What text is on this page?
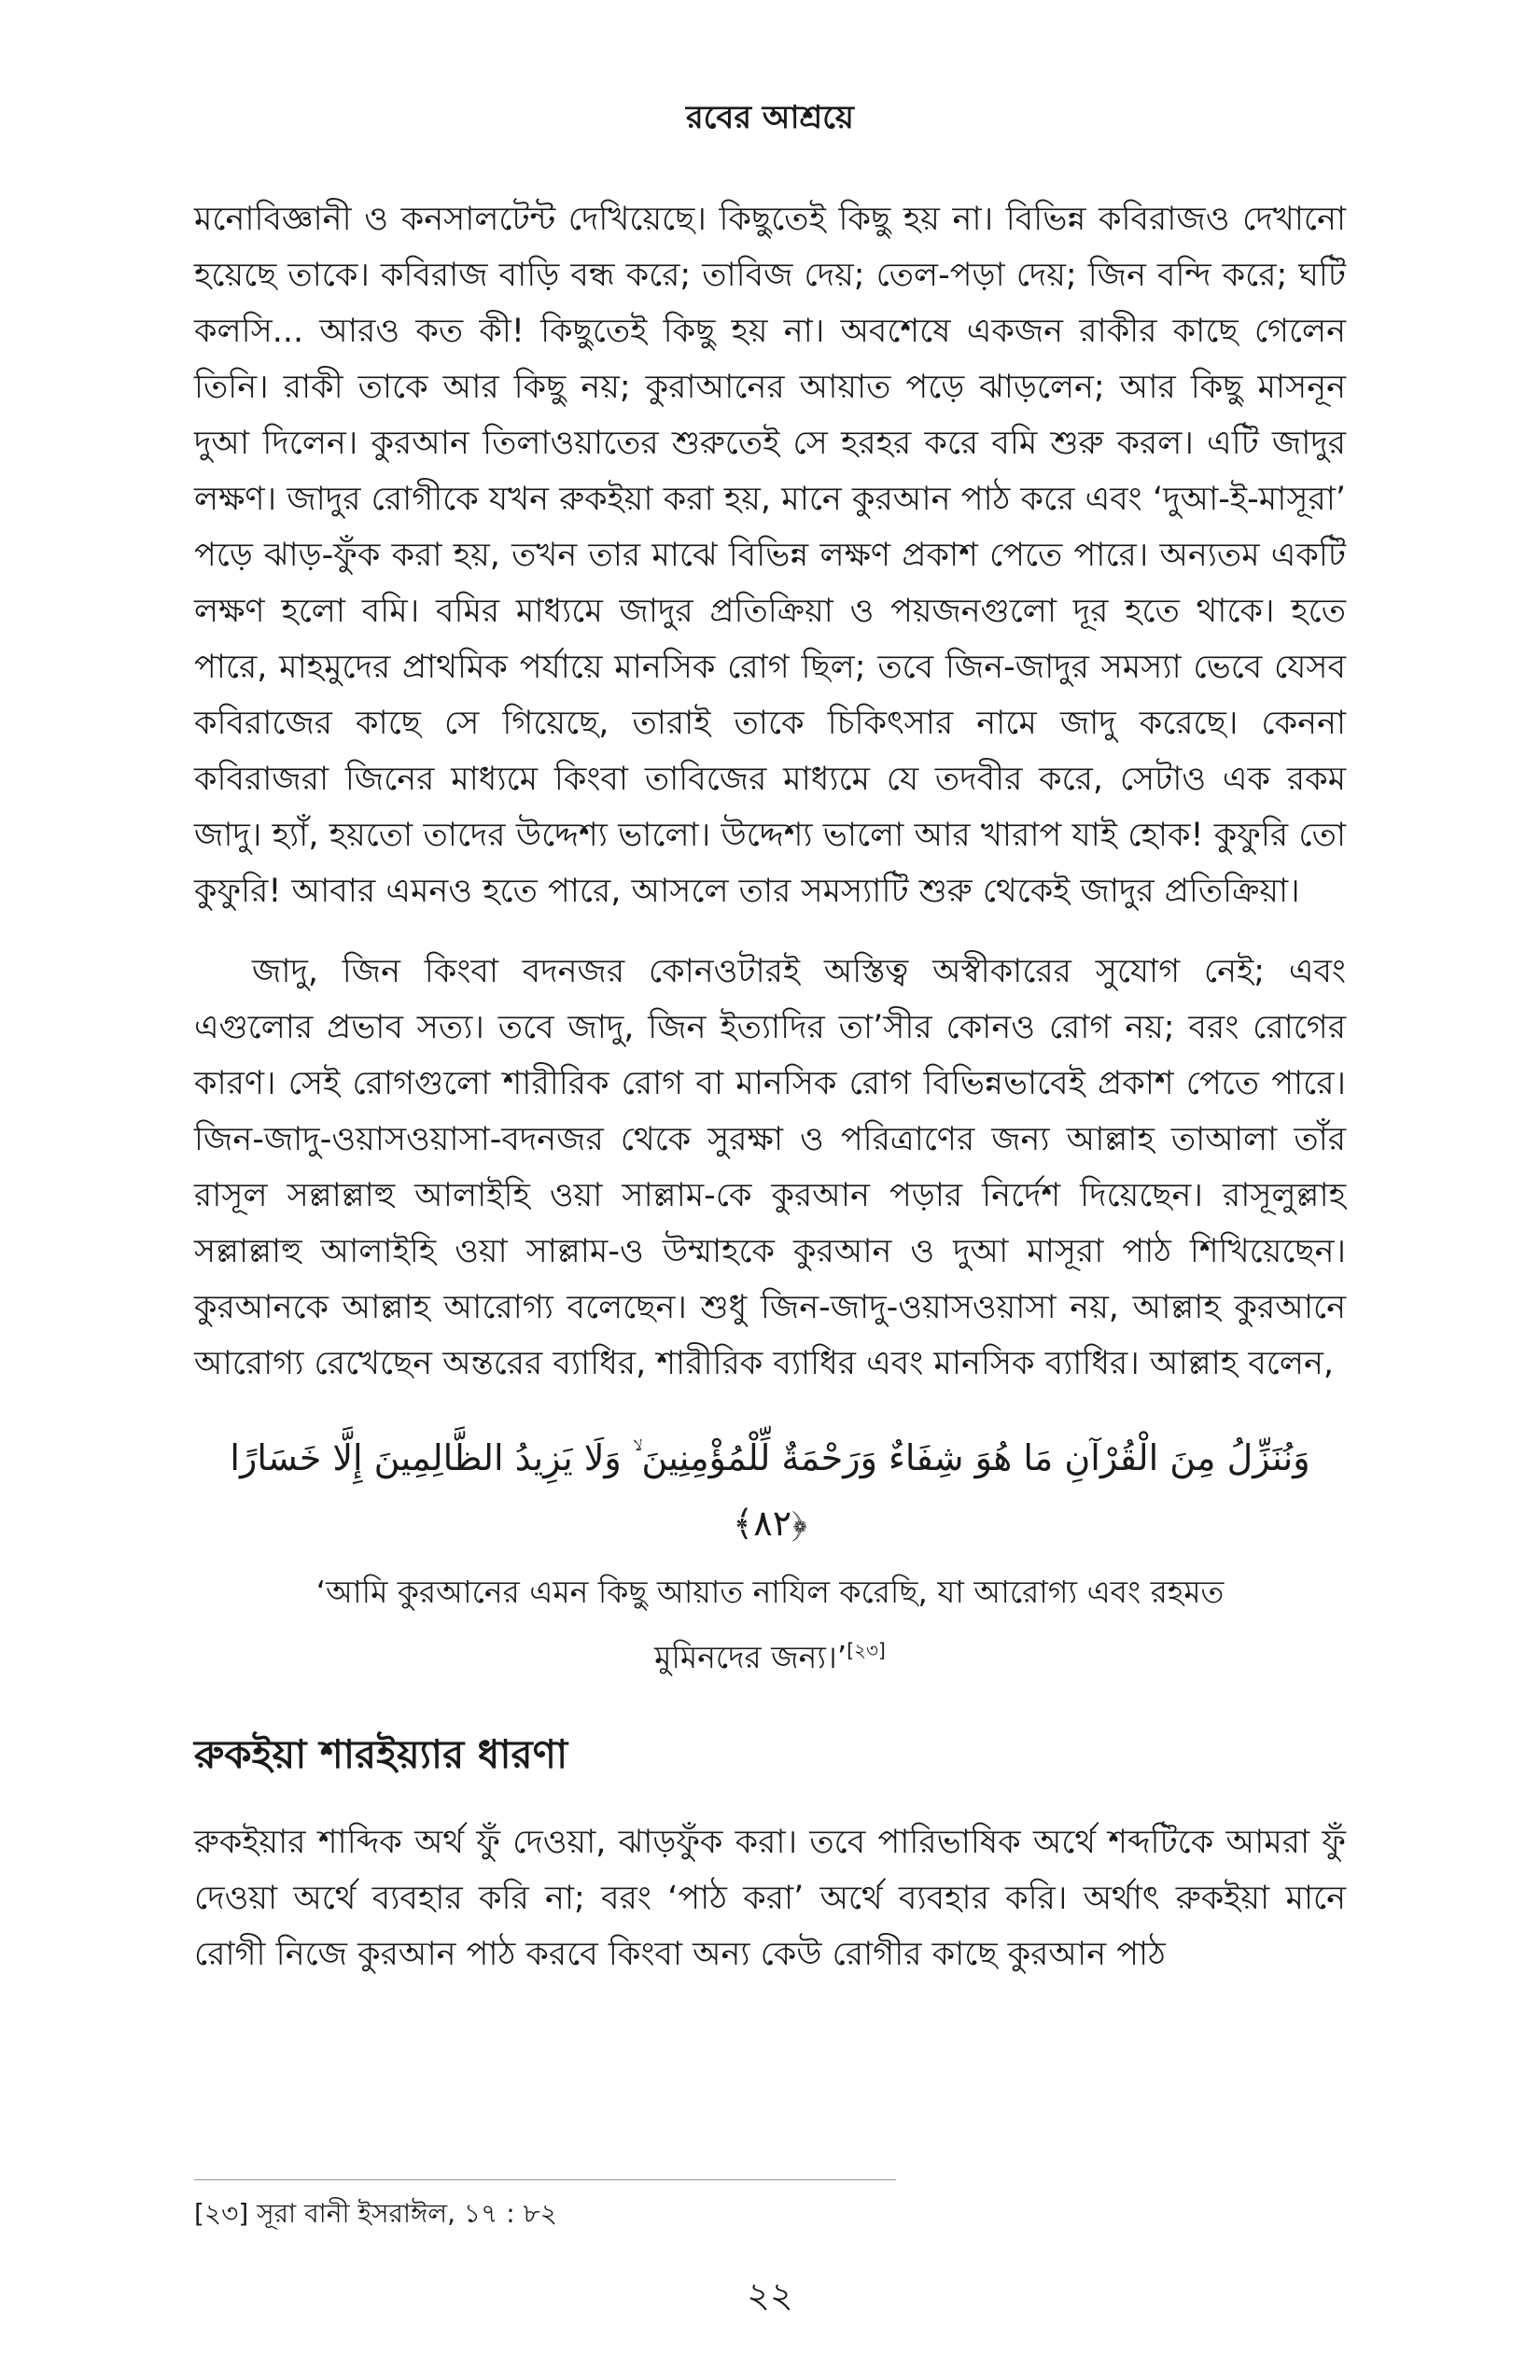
রবের আশ্রয়ে

মনোবিজ্ঞানী ও কনসালটেন্ট দেখিয়েছে। কিছুতেই কিছু হয় না। বিভিন্ন কবিরাজও দেখানো হয়েছে তাকে। কবিরাজ বাড়ি বন্ধ করে; তাবিজ দেয়; তেল-পড়া দেয়; জিন বন্দি করে; ঘটি কলসি... আরও কত কী! কিছুতেই কিছু হয় না। অবশেষে একজন রাকীর কাছে গেলেন তিনি। রাকী তাকে আর কিছু নয়; কুরাআনের আয়াত পড়ে ঝাড়লেন; আর কিছু মাসনূন দুআ দিলেন। কুরআন তিলাওয়াতের শুরুতেই সে হরহর করে বমি শুরু করল। এটি জাদুর লক্ষণ। জাদুর রোগীকে যখন রুকইয়া করা হয়, মানে কুরআন পাঠ করে এবং ‘দুআ-ই-মাসূরা’ পড়ে ঝাড়-ফুঁক করা হয়, তখন তার মাঝে বিভিন্ন লক্ষণ প্রকাশ পেতে পারে। অন্যতম একটি লক্ষণ হলো বমি। বমির মাধ্যমে জাদুর প্রতিক্রিয়া ও পয়জনগুলো দূর হতে থাকে। হতে পারে, মাহমুদের প্রাথমিক পর্যায়ে মানসিক রোগ ছিল; তবে জিন-জাদুর সমস্যা ভেবে যেসব কবিরাজের কাছে সে গিয়েছে, তারাই তাকে চিকিৎসার নামে জাদু করেছে। কেননা কবিরাজরা জিনের মাধ্যমে কিংবা তাবিজের মাধ্যমে যে তদবীর করে, সেটাও এক রকম জাদু। হ্যাঁ, হয়তো তাদের উদ্দেশ্য ভালো। উদ্দেশ্য ভালো আর খারাপ যাই হোক! কুফুরি তো কুফুরি! আবার এমনও হতে পারে, আসলে তার সমস্যাটি শুরু থেকেই জাদুর প্রতিক্রিয়া।

জাদু, জিন কিংবা বদনজর কোনওটারই অস্তিত্ব অস্বীকারের সুযোগ নেই; এবং এগুলোর প্রভাব সত্য। তবে জাদু, জিন ইত্যাদির তা’সীর কোনও রোগ নয়; বরং রোগের কারণ। সেই রোগগুলো শারীরিক রোগ বা মানসিক রোগ বিভিন্নভাবেই প্রকাশ পেতে পারে। জিন-জাদু-ওয়াসওয়াসা-বদনজর থেকে সুরক্ষা ও পরিত্রাণের জন্য আল্লাহ তাআলা তাঁর রাসূল সল্লাল্লাহু আলাইহি ওয়া সাল্লাম-কে কুরআন পড়ার নির্দেশ দিয়েছেন। রাসূলুল্লাহ সল্লাল্লাহু আলাইহি ওয়া সাল্লাম-ও উম্মাহকে কুরআন ও দুআ মাসূরা পাঠ শিখিয়েছেন। কুরআনকে আল্লাহ আরোগ্য বলেছেন। শুধু জিন-জাদু-ওয়াসওয়াসা নয়, আল্লাহ কুরআনে আরোগ্য রেখেছেন অন্তরের ব্যাধির, শারীরিক ব্যাধির এবং মানসিক ব্যাধির। আল্লাহ বলেন,

وَنُنَزِّلُ مِنَ الْقُرْآنِ مَا هُوَ شِفَاءٌ وَرَحْمَةٌ لِّلْمُؤْمِنِينَ ۙ وَلَا يَزِيدُ الظَّالِمِينَ إِلَّا خَسَارًا ﴿٨٢﴾

‘আমি কুরআনের এমন কিছু আয়াত নাযিল করেছি, যা আরোগ্য এবং রহমত
মুমিনদের জন্য।’[২৩]

রুকইয়া শারইয়্যার ধারণা

রুকইয়ার শাব্দিক অর্থ ফুঁ দেওয়া, ঝাড়ফুঁক করা। তবে পারিভাষিক অর্থে শব্দটিকে আমরা ফুঁ দেওয়া অর্থে ব্যবহার করি না; বরং ‘পাঠ করা’ অর্থে ব্যবহার করি। অর্থাৎ রুকইয়া মানে রোগী নিজে কুরআন পাঠ করবে কিংবা অন্য কেউ রোগীর কাছে কুরআন পাঠ

[২৩] সূরা বানী ইসরাঈল, ১৭ : ৮২
২২
